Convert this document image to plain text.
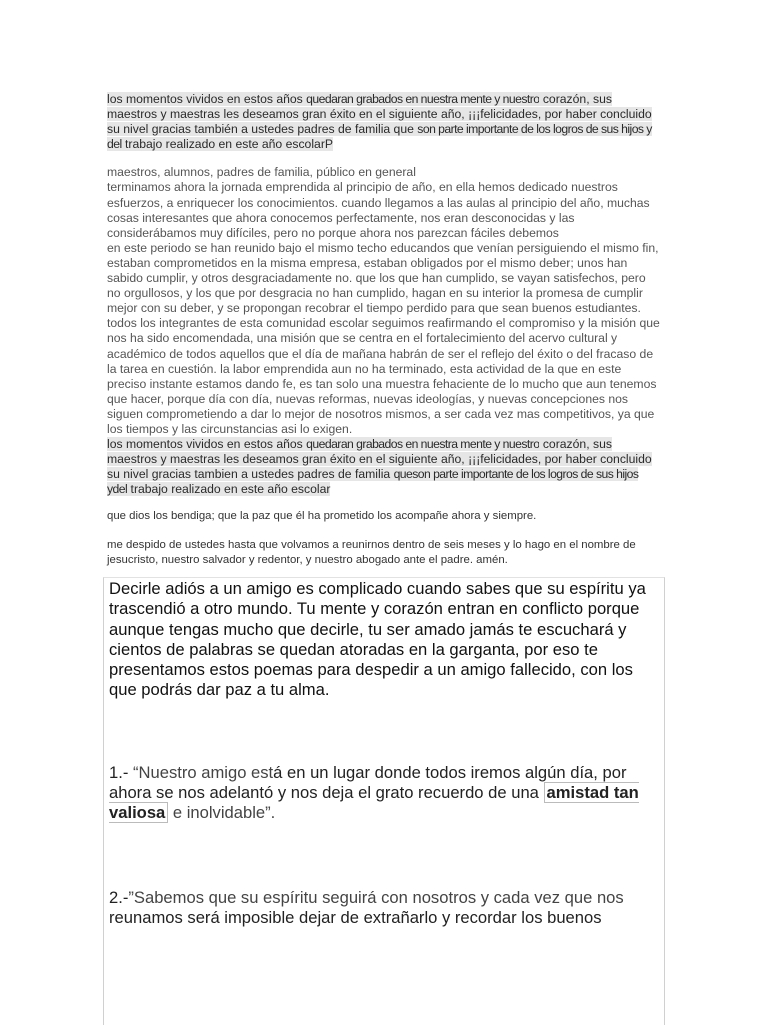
los momentos vividos en estos años quedaran grabados en nuestra mente y nuestro corazón, sus maestros y maestras les deseamos gran éxito en el siguiente año, ¡¡¡felicidades, por haber concluido su nivel gracias también a ustedes padres de familia que son parte importante de los logros de sus hijos y del trabajo realizado en este año escolarP

maestros, alumnos, padres de familia, público en general

terminamos ahora la jornada emprendida al principio de año, en ella hemos dedicado nuestros esfuerzos, a enriquecer los conocimientos. cuando llegamos a las aulas al principio del año, muchas cosas interesantes que ahora conocemos perfectamente, nos eran desconocidas y las considerábamos muy difíciles, pero no porque ahora nos parezcan fáciles debemos

en este periodo se han reunido bajo el mismo techo educandos que venían persiguiendo el mismo fin, estaban comprometidos en la misma empresa, estaban obligados por el mismo deber; unos han sabido cumplir, y otros desgraciadamente no. que los que han cumplido, se vayan satisfechos, pero no orgullosos, y los que por desgracia no han cumplido, hagan en su interior la promesa de cumplir mejor con su deber, y se propongan recobrar el tiempo perdido para que sean buenos estudiantes.

todos los integrantes de esta comunidad escolar seguimos reafirmando el compromiso y la misión que nos ha sido encomendada, una misión que se centra en el fortalecimiento del acervo cultural y académico de todos aquellos que el día de mañana habrán de ser el reflejo del éxito o del fracaso de la tarea en cuestión. la labor emprendida aun no ha terminado, esta actividad de la que en este preciso instante estamos dando fe, es tan solo una muestra fehaciente de lo mucho que aun tenemos que hacer, porque día con día, nuevas reformas, nuevas ideologías, y nuevas concepciones nos siguen comprometiendo a dar lo mejor de nosotros mismos, a ser cada vez mas competitivos, ya que los tiempos y las circunstancias asi lo exigen.

los momentos vividos en estos años quedaran grabados en nuestra mente y nuestro corazón, sus maestros y maestras les deseamos gran éxito en el siguiente año, ¡¡¡felicidades, por haber concluido su nivel gracias tambien a ustedes padres de familia queson parte importante de los logros de sus hijos ydel trabajo realizado en este año escolar

que dios los bendiga; que la paz que él ha prometido los acompañe ahora y siempre.

me despido de ustedes hasta que volvamos a reunirnos dentro de seis meses y lo hago en el nombre de jesucristo, nuestro salvador y redentor, y nuestro abogado ante el padre. amén.

Decirle adiós a un amigo es complicado cuando sabes que su espíritu ya trascendió a otro mundo. Tu mente y corazón entran en conflicto porque aunque tengas mucho que decirle, tu ser amado jamás te escuchará y cientos de palabras se quedan atoradas en la garganta, por eso te presentamos estos poemas para despedir a un amigo fallecido, con los que podrás dar paz a tu alma.

1.- “Nuestro amigo está en un lugar donde todos iremos algún día, por ahora se nos adelantó y nos deja el grato recuerdo de una amistad tan valiosa e inolvidable”.

2.-”Sabemos que su espíritu seguirá con nosotros y cada vez que nos reunamos será imposible dejar de extrañarlo y recordar los buenos
